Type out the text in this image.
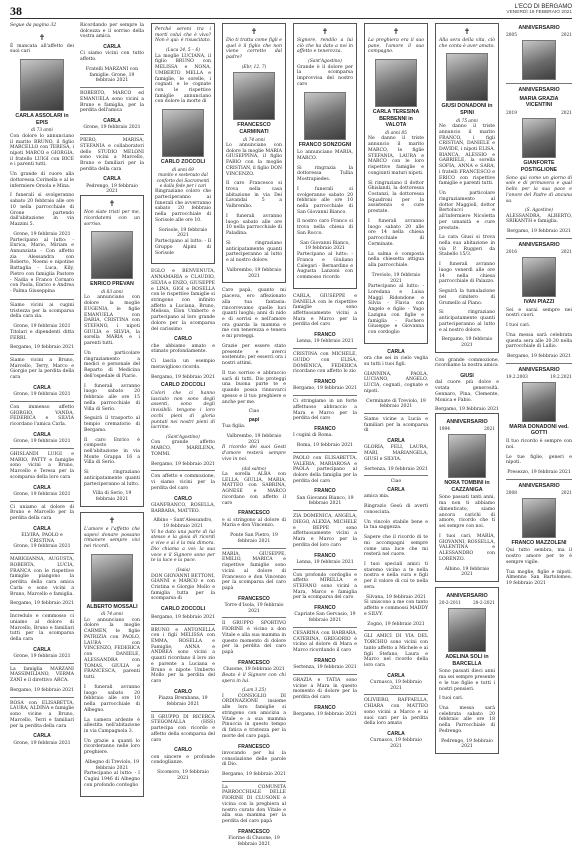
38	L'ECO DI BERGAMO
VENERDÌ 19 FEBBRAIO 2021

Segue da pagina 32

✝

È mancata all'affetto dei suoi cari

CARLA ASSOLARI in EPIS
di 73 anni

Con dolore lo annunciano il marito BRUNO, il figlio MARCELLO con TERESA, i nipoti MARCO e GIORGIA, il fratello LUIGI con BICE e i parenti tutti.

Un grande di cuore alla dottoressa Corinella e al le infermiere Orsola e Mina.

I funerali si svolgeranno sabato 20 febbraio alle ore 10 nella parrocchiale di Grone partendo dall'abitazione in via Mazzini 5.

Grone, 19 febbraio 2021

Partecipano al lutto: - Enrica, Mario, Miriam e Annunziata - Con affetto zia Alessandra con Roberto, Noemi e nipotine Battaglia - Luca, Kily, Pietro con famiglia Pastore - Nadia e Franco Cornaro con Paola, Enrico e Andrea - Palma Giuseppina

Siamo vicini ai cugini tristezza per la scomparsa della cara zia.

Grone, 19 febbraio 2021

Titolari e dipendenti ditta FERRI.

Bergamo, 19 febbraio 2021

Siamo vicini a Bruno, Marcello, Terry, Marco e Giorgio per la perdita della cara

CARLA
Grone, 19 febbraio 2021

Con immenso affetto GIORGIO, VANDA, FEDERICA e SILVIA ricordano l'amica Carla.

CARLA
Grone, 19 febbraio 2021

GHISLANDI LUIGI e MARIO, PATTY e famiglie sono vicini a Bruno, Marcello e Teresa per la scomparsa della loro cara

CARLA
Grone, 19 febbraio 2021

Ci uniamo al dolore di Bruno e Marcello per la perdita della cara

CARLA
ELVIRA, PAOLO e CRISTINA
Grone, 19 febbraio 2021

MARIGIANNA, AUGUSTA, ROBERTA, LUCIA, FRANCA con le rispettive famiglie piangono la perdita della cara amica Carla e sono vicini a Bruno, Marcello e famiglia.

Bergamo, 19 febbraio 2021

Incredulo e commosso ci uniamo al dolore di Marcello, Bruno e familiari tutti per la scomparsa della cara

CARLA
Grone, 19 febbraio 2021

La famiglia MARZANI MASSIMILIANO, VERMA ZANI e il direttivo ARCA.

Bergamo, 19 febbraio 2021

ROSA con ELISABETTA, LAURA, ALDINA e famiglie sono vicine a Bruno, Marcello, Terri e familiari per la perdita della cara

CARLA
Grone, 19 febbraio 2021

Ricordando per sempre la dolcezza e il sorriso della vostra amica.

CARLA

Ci siamo vicini con tutto affetto.

Fratelli MARZANI con famiglie. Grone, 19 febbraio 2021

ROBERTO, MARCO ed EMANUELA sono vicini a Bruno e famiglia, per la perdita dell'amica

CARLA
Grone, 19 febbraio 2021

PIERO, MARISA, STEFANIA e collaboratori dello STUDIO MELONI sono vicini a Marcello, Bruno e familiari per la perdita della cara

CARLA
Pedrengo, 19 febbraio 2021
✝

Non siate tristi per me, ricordatemi con un sorriso.

ENRICO PREVAN
di 83 anni

Lo annunciano con dolore la moglie EUGENIA, le figlie EMANUELA con DARIA, CRISTINA con STEFANO, i nipoti GIULIA e SILVIA, la sorella MARIA e i parenti tutti.

Un particolare ringraziamento a medici e personale del Reparto di Medicina dell'ospedale di Piario.

I funerali avranno luogo sabato 20 febbraio alle ore 15 nella parrocchiale di Villa di Serio.

Seguirà il trasporto al tempio crematorio di Bergamo.

Il caro Enrico è composto nell'abitazione in via Monte Grappa 16 a Villa di Serio.

Si ringraziano anticipatamente quanti parteciperanno al lutto.

Villa di Serio, 19 febbraio 2021
✝

L'amore e l'affetto che sapevi donare possano rimanere sempre vivi nei ricordi.

ALBERTO MOSSALI
di 74 anni

Lo annunciano con dolore la moglie CARMEN, le figlie PATRIZIA con PAOLO, LAURA con VINCENZO, FEDERICA con DANIELE, ALESSANDRA con TOMAS, GIULIA e FRANCESCA, parenti tutti.

I funerali avranno luogo sabato 20 febbraio alle ore 10 nella parrocchiale di Albegno.

La camera ardente è allestita nell'abitazione in via Campagnola 3.

Un grazie a quanti lo ricorderanno nelle loro preghiere.

Albegno di Treviolo, 19 febbraio 2021

Partecipano al lutto: - I Cugini 1946 di Albegno con profondo cordoglio

Perché sereni tra i morti colui che è vivo? Non è qui: è risuscitato.

(Luca 24, 5 – 6)

La moglie LUCIANA, il figlio BRUNO con MELISSA e NONA, UMBERTO MELLA e famiglie, le sorelle, i cognati e le cognate con le rispettive famiglie annunciano con dolore la morte di

CARLO ZOCCOLI
di anni 69
munito e sostenuto dal conforto dei Sacramenti e dalla fede per i cari

Ringraziano coloro che parteciperanno ai funerali che avverranno sabato 20 febbraio nella parrocchiale di Sorisole alle ore 10.

Sorisole, 19 febbraio 2021

Partecipano al lutto: - Il Gruppo Alpini di Sorisole

EGLO e BENVENUTA, ANNAMARIA e CLAUDIO, SILVIA e ENZO, GIUSEPPE e LINA, GIGI e ROSELLA con le rispettive famiglie si stringono con infinito affetto a Luciana, Bruno, Melissa, Elon Umberto e partecipano al loro grande dolore per la scomparsa del carissimo

CARLO

che abbiamo amato e stimato profondamente.

Ci lascia un esempio meraviglioso ricordo.

Bergamo, 19 febbraio 2021
CARLO ZOCCOLI

Colori che ci hanno lasciato non sono degli assenti, sono degli invisibili: tengono i loro occhi pieni di gloria puntati nei nostri pieni di lacrime.

(Sant'Agostino)

Con grande affetto MARCO, MARILENA, TOMMI.

Bergamo, 19 febbraio 2021

Con affetto e commozione, vi siamo vicini per la perdita del caro

CARLO

GIANFRANCO, ROSELLA, BARBARA, MATTEO.

Albino – Sant'Alessandro, 19 febbraio 2021

Vi ho dato una parte di lui stesso e la gioia di ricordi e vive e ai è la mia dimora. Dio chiama a voi: la sua voce e il Signore sono per te la luce e la pace.

(Isaia)

DON GIOVANNI BETTONI, GIANNI e MARCO e con Cristina e Giorgio Mollo e famiglia tutta per la scomparsa di

CARLO ZOCCOLI
Bergamo, 19 febbraio 2021

BRUNO e ANTONELLA con i figli MELISSA con EMMA, ROSELLA e Famiglie, ANNA e ANDREA sono vicini a quanti ricordano il loro zio e parente a Luciana e Bruno e nipote Umberto Mollo per la perdita del caro

CARLO
Piazza Brembana, 19 febbraio 2021

Il GRUPPO DI RICERCA STEGOMALLA (HSS) partecipa con ricordo e affetto della scomparsa del caro

CARLO

con sincere e profonde condoglianze.

Sicomoro, 19 febbraio 2021
✝

Dio ti tratta come figli e quel è il figlio che non viene corretto dal padre?

(Ebr, 12, 7)
FRANCESCO CARMINATI
di 74 anni

Lo annunciano con dolore la moglie MARIA GIUSEPPINA, il figlio FABIO con la moglie CRISTIAN, il figlio DON VINCENZO.

Il caro Francesco si trova nella casa abitazione in via Dei Lavandai 5 a Valbrembo.

I funerali avranno luogo sabato alle ore 10 nella parrocchiale di Paladina.

Si ringraziano anticipatamente quanti parteciperanno al lutto e al nostro dolore.

Valbrembo, 19 febbraio 2021

Caro papà, quanto mi piaceva, ero affezionato alla tua fantasia: rincorrevamo quelle luci quanti luoghi; anni di nido e di sorrisi e nell'amore ora guarda la mamma e me con tenerezza e tenera e mi proteggi.

Grazie per essere stato presente e averci sostenuto; per esserci ora i nostri attimi.

Il tuo sorriso e abbraccio sarà di tutti. Dio proteggi una buona parte te e quando possa rinnovarci spesso e il tuo preghiere e anche per me.

Ciao
papi

Tua figlia.

Valbrembo, 19 febbraio 2021

Il ricordo dei suoi Gesti d'amore resterà sempre vivo in noi.

(dal salmo)

La sorella ALBA con LELLA, GIULIA, MARIA, MATTEO con SABRINA, AGNESE e MARCO ricordano con affetto il caro

FRANCESCO

e si stringono al dolore di Maria e don Vincenzo.

Ponte San Pietro, 19 febbraio 2021

MARIA, GIUSEPPE, EMILIO, MARICA e rispettive famiglie sono vicini al dolore di Francesco e don Vincenzo per la scomparsa del caro papà

FRANCESCO
Torre d'Isola, 19 febbraio 2021

Il GRUPPO SPORTIVO FIORINE è vicino a don Vitale e alla sua mamma in questo momento di dolore per la perdita del caro papà

FRANCESCO
Clusone, 19 febbraio 2021

Beato è il Signore con chi spera in lui.

(Lam 3,25)

I CONSIGLIO DI ORDINAZIONE insieme alle loro famiglie si stringono con amicizia a Vitale e a sua mamma Pinuccia in questo tempo di fatica e tristezza per la morte del caro papà.

FRANCESCO

invocando per lui la consolazione delle parole di Dio.

Bergamo, 19 febbraio 2021

La COMUNITÀ PARROCCHIALE DELLE FIORINE DI CLUSONE è vicina con la preghiera al nostro curato don Vitale e alla sua mamma per la perdita del caro papà

FRANCESCO
Fiorine di Clusone, 19 febbraio 2021
✝

Signore, rendilo a lui ciò che ha dato a noi in affetto e tenerezza.

(Sant'Agostino)

Grande è il dolore per la scomparsa improvvisa del nostro caro

FRANCO SONZOGNI

Lo annunciano MARIA, MARCO.

Si ringrazia la dottoressa Tullia Mostrapiedes.

I funerali si svolgeranno sabato 20 febbraio alle ore 10 nella parrocchiale di San Giovanni Bianco.

Il nostro caro Franco si trova nella chiesa di San Rocco.

San Giovanni Bianco, 19 febbraio 2021

Partecipano al lutto: - Franca e Giuliano Calegari - Bernardino e Augusta Lanzoni con commosso ricordo

CARLA, GIUSEPPE e DANIELA con le rispettive famiglie sono affettuosamente vicini a Mara e Marco per la perdita del caro

FRANCO
Lenna, 19 febbraio 2021

CRISTINA con MICHELE, GUIDO con ELISA, DOMENICA, FEDERICA ricordano con affetto lo zio

FRANCO
Bergamo, 19 febbraio 2021

Ci stringiamo in un forte affettuoso abbraccio a Mara e Marco per la perdita del caro

FRANCO

I cugini di Roma.

Roma, 19 febbraio 2021

PAOLO con ELISABETTA, VALERIA, MARIAROSA e PAOLA partecipano al dolore della famiglia per la perdita del caro

FRANCO
San Giovanni Bianco, 19 febbraio 2021

ZIA DOMENICA, ANGELA, DIEGO, ALEXIA, MICHELE e BEPPE sono affettuosamente vicini a Mara e Marco per la perdita del loro caro

FRANCO
Lenna, 19 febbraio 2021

Con profondo cordoglio e affetto MIRELLA e STEFANO sono vicini a Mara, Marco e famiglia per la scomparsa del caro

FRANCO
Capriate San Gervasio, 19 febbraio 2021

CESARINA con BARBARA, CATERINA, GREGORIO è vicino al dolore di Mara e Marco ricordando il caro

FRANCO
Sertenza, 19 febbraio 2021

GRAZIA e TATIA sono vicine a Mara in questo momento di dolore per la perdita del caro

FRANCO
Bergamo, 19 febbraio 2021
✝

La preghiera era il suo pane, l'amore il suo compagno.

CARLA TERESINA BERBENNI in VALOTA
di anni 85

Ne danno il triste annuncio il marito MARCO, le figlie STEFANIA, LAURA e MARCO con le loro rispettive famiglie e congiunti maturi nipoti.

Si ringraziano il dottor Ghislandi, la dottoressa Costanzi, la dottoressa Squadroni per la assistenza e cure prestate.

I funerali avranno luogo sabato 20 alle ore 14 nella chiesa parrocchiale di Cerminate.

La salma è composta nella chiesetta attigua alla parrocchiale.

Treviolo, 19 febbraio 2021

Partecipano al lutto: - Loredana e Luisa Maggi Ridondone e Silvia - Flavia con Angelo e figlie - Yugo Lazigna con figlie e famiglia - Fachero Giuseppe e Giovanna con cordoglio

CARLA

ora che sei in cielo veglia su tutti i tuoi figli.

GIANNINA, PAOLA, LUCIANO, ANGELO, LUCIA, cognati, cognate e nipoti.

Cerminate di Treviolo, 19 febbraio 2021

Siamo vicine a Lucia e familiari per la scomparsa di

CARLA

GLORIA, FELI, LAURA, MARI, MARIANGELA, GIUSI e SILVIA.

Sertenza, 19 febbraio 2021
Ciao
CARLA

amica mia.

Ringrazio Gesù di averti conosciuta.

Un vincolo stabile bene e la tua saggezza.

Sapere che il ricordo di te mi accompagni sempre come una luce che mi resterà nel cuore.

I tuoi speciali amici ti staremo vicino a te nella nostra e nella cura e figli per il valore di cui te nella sera.

Silvana, 19 febbraio 2021

Si uniscono a me con tanto affetto e commossi MADDY e SILVY.

Zogno, 19 febbraio 2021

GLI AMICI DI VIA DEL TORCHIO sono vicini con tanto affetto a Michele e ai figli Stefano, Laura e Marco nel ricordo della loro cara

CARLA
Curnasco, 19 febbraio 2021

OLIVIERO, RAFFAELLA, CHIARA con MATTEO sono vicini a Marco e ai suoi cari per la perdita della loro amata

CARLA
Curnasco, 19 febbraio 2021
✝

Alla sera della vita, ciò che conta è aver amato.

GIUSI DONADONI in SPINI
di 75 anni

Ne danno il triste annuncio il marito FRANCO, i figli CRISTIAN, DANIELE e DAVIDE, i nipoti ELISA, BIANCA, ALESSIO e GABRIELE, la sorella SOFIA, ANNA e SARA, i fratelli FRANCESCO e ERICO con rispettive famiglie e parenti tutti.

Un particolare ringraziamento al dottor Maggioli, dottor Bertolucci e all'infermiere Nicoletta per umanità e cure prestate.

La cara Giusi si trova nella sua abitazione in via P. Ruggeri da Stabello 15/3.

I funerali avranno luogo venerdì alle ore 14 nella chiesa parrocchiale di Palazzo.

Seguirà la tumulazione nel cimitero di Grumello al Piano.

Si ringraziano anticipatamente quanti parteciperanno al lutto e al nostro dolore.

Bergamo, 19 febbraio 2021

Con grande commozione, ricordiamo la nostra amica

GIUSI

dal cuore più dolce e votata generosità. Gennaro, Pina, Clemente, Monica e Fabio.

Bergamo, 19 febbraio 2021
ANNIVERSARIO
1994	2021
NORA TOMBINI in CAZZANIGA

Sono passati tanti anni, ma non ti abbiamo dimenticato, siamo ancora carichi di amore, ricordo che ti sei sempre con noi.

I tuoi cari, MARIA, GIOVANNI, ROSSELLA, VALENTINA e ALESSANDRO con LORENZO.

Albino, 19 febbraio 2021
ANNIVERSARIO
20-2-2011	20-2-2021
ADELINA SOLI in BARCELLA

Sono passati dieci anni ma sei sempre presente e le tue figlie e tutti i nostri pensieri.

I tuoi cari.

Una messa sarà celebrata sabato 20 febbraio alle ore 18 nella Parrocchiale di Pedrengo.

Pedrengo, 19 febbraio 2021
ANNIVERSARIO
2005	2021
ANNIVERSARIO
MARIA GRAZIA VICENTINI
2019	2021
GIANFORTE POSTIGLIONE

Sono qui come un giorno di sole e di primavera e qual bello per la sua pace e l'onore del Padre di ancuna sa.

(S. Agostino)

ALESSANDRA, ALBERTO, SRIKANTH e famiglia.

Bergamo, 19 febbraio 2021
ANNIVERSARIO
2016	2021
IVAN PIAZZI

Sei e sarai sempre nei nostri cuori.

I tuoi cari.

Una messa sarà celebrata questa sera alle 20.30 nella parrocchiale di Lallio.

Bergamo, 19 febbraio 2021
ANNIVERSARIO
19.2.2003	19.2.2021
MARIA DONADONI ved. GOTTI

Il tuo ricordo è sempre con noi.

Le tue figlie, generi e nipoti.

Presezzo, 19 febbraio 2021
ANNIVERSARIO
2008	2021
FRANCO MAZZOLENI

Qui tutto sembra, ma il nostro amore per te è sempre vigile.

Tua moglie, figlie e nipoti. Almenno San Bartolomeo, 19 febbraio 2021
